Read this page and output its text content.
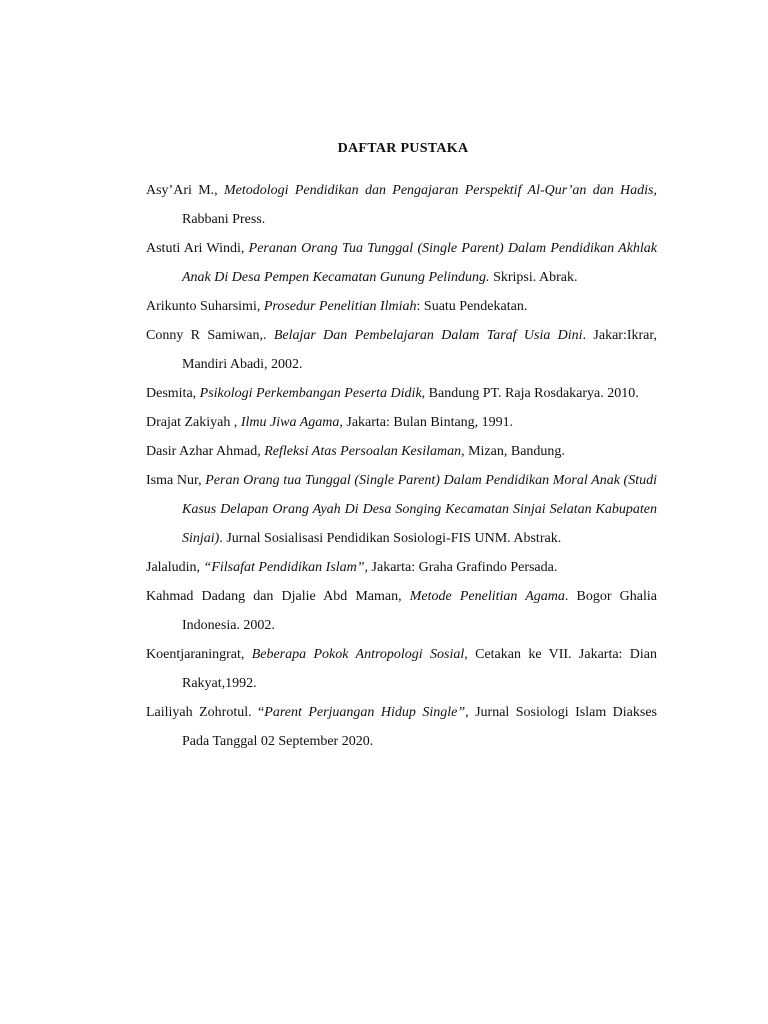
DAFTAR PUSTAKA
Asy’Ari M., Metodologi Pendidikan dan Pengajaran Perspektif Al-Qur’an dan Hadis, Rabbani Press.
Astuti Ari Windi, Peranan Orang Tua Tunggal (Single Parent) Dalam Pendidikan Akhlak Anak Di Desa Pempen Kecamatan Gunung Pelindung. Skripsi. Abrak.
Arikunto Suharsimi, Prosedur Penelitian Ilmiah: Suatu Pendekatan.
Conny R Samiwan,. Belajar Dan Pembelajaran Dalam Taraf Usia Dini. Jakar:Ikrar, Mandiri Abadi, 2002.
Desmita, Psikologi Perkembangan Peserta Didik, Bandung PT. Raja Rosdakarya. 2010.
Drajat Zakiyah , Ilmu Jiwa Agama, Jakarta: Bulan Bintang, 1991.
Dasir Azhar Ahmad, Refleksi Atas Persoalan Kesilaman, Mizan, Bandung.
Isma Nur, Peran Orang tua Tunggal (Single Parent) Dalam Pendidikan Moral Anak (Studi Kasus Delapan Orang Ayah Di Desa Songing Kecamatan Sinjai Selatan Kabupaten Sinjai). Jurnal Sosialisasi Pendidikan Sosiologi-FIS UNM. Abstrak.
Jalaludin, “Filsafat Pendidikan Islam”, Jakarta: Graha Grafindo Persada.
Kahmad Dadang dan Djalie Abd Maman, Metode Penelitian Agama. Bogor Ghalia Indonesia. 2002.
Koentjaraningrat, Beberapa Pokok Antropologi Sosial, Cetakan ke VII. Jakarta: Dian Rakyat,1992.
Lailiyah Zohrotul. “Parent Perjuangan Hidup Single”, Jurnal Sosiologi Islam Diakses Pada Tanggal 02 September 2020.
